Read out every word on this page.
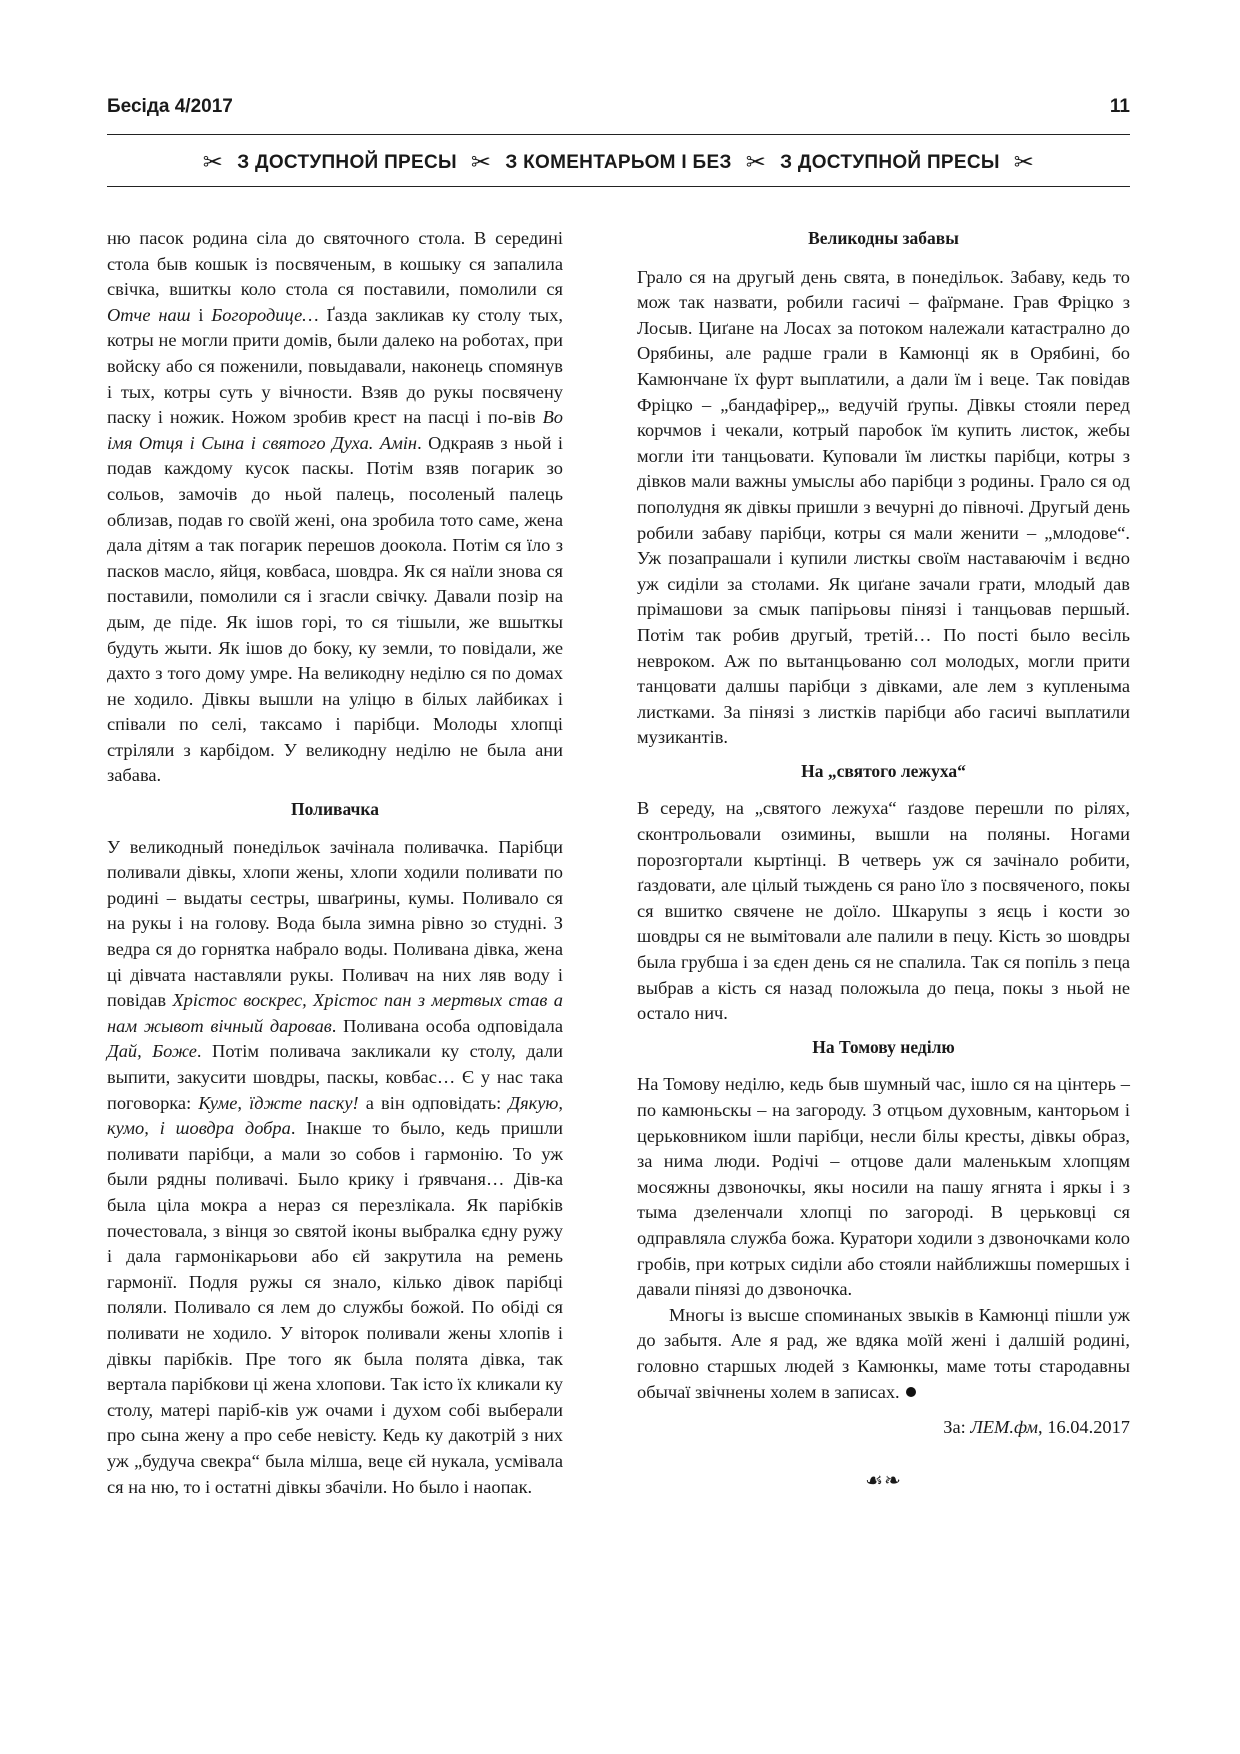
Бесіда 4/2017	11
✂ З ДОСТУПНОЙ ПРЕСЫ ✂ З КОМЕНТАРЬОМ І БЕЗ ✂ З ДОСТУПНОЙ ПРЕСЫ ✂

ню пасок родина сіла до святочного стола. В середині стола быв кошык із посвяченым, в кошыку ся запалила свічка, вшиткы коло стола ся поставили, помолили ся Отче наш і Богородице… Ґазда закликав ку столу тых, котры не могли прити домів, были далеко на роботах, при войску або ся поженили, повыдавали, наконець спомянув і тых, котры суть у вічности. Взяв до рукы посвячену паску і ножик. Ножом зробив крест на пасці і по-вів Во імя Отця і Сына і святого Духа. Амін. Одкраяв з ньой і подав каждому кусок паскы. Потім взяв погарик зо сольов, замочів до ньой палець, посоленый палець облизав, подав го своїй жені, она зробила тото саме, жена дала дітям а так погарик перешов доокола. Потім ся їло з пасков масло, яйця, ковбаса, шовдра. Як ся наїли знова ся поставили, помолили ся і згасли свічку. Давали позір на дым, де піде. Як ішов горі, то ся тішыли, же вшыткы будуть жыти. Як ішов до боку, ку земли, то повідали, же дахто з того дому умре. На великодну неділю ся по домах не ходило. Дівкы вышли на уліцю в білых лайбиках і співали по селі, таксамо і парібци. Молоды хлопці стріляли з карбідом. У великодну неділю не была ани забава.

Поливачка

У великодный понедільок зачінала поливачка. Парібци поливали дівкы, хлопи жены, хлопи ходили поливати по родині – выдаты сестры, шваґрины, кумы. Поливало ся на рукы і на голову. Вода была зимна рівно зо студні. З ведра ся до горнятка набрало воды. Поливана дівка, жена ці дівчата наставляли рукы. Поливач на них ляв воду і повідав Хрістос воскрес, Хрістос пан з мертвых став а нам жывот вічный даровав. Поливана особа одповідала Дай, Боже. Потім поливача закликали ку столу, дали выпити, закусити шовдры, паскы, ковбас… Є у нас така поговорка: Куме, їджте паску! а він одповідать: Дякую, кумо, і шовдра добра. Інакше то было, кедь пришли поливати парібци, а мали зо собов і гармонію. То уж были рядны поливачі. Было крику і ґрявчаня… Дів-ка была ціла мокра а нераз ся перезлікала. Як парібків почестовала, з вінця зо святой іконы выбралка єдну ружу і дала гармонікарьови або єй закрутила на ремень гармонії. Подля ружы ся знало, кілько дівок парібці поляли. Поливало ся лем до службы божой. По обіді ся поливати не ходило. У віторок поливали жены хлопів і дівкы парібків. Пре того як была полята дівка, так вертала парібкови ці жена хлопови. Так істо їх кликали ку столу, матері паріб-ків уж очами і духом собі выберали про сына жену а про себе невісту. Кедь ку дакотрій з них уж „будуча свекра“ была мілша, веце єй нукала, усмівала ся на ню, то і остатні дівкы збачіли. Но было і наопак.

Великодны забавы

Грало ся на другый день свята, в понедільок. Забаву, кедь то мож так назвати, робили гасичі – фаїрмане. Грав Фріцко з Лосыв. Циґане на Лосах за потоком належали катастрално до Орябины, але радше грали в Камюнці як в Орябині, бо Камюнчане їх фурт выплатили, а дали їм і веце. Так повідав Фріцко – „бандафірер„, ведучій ґрупы. Дівкы стояли перед корчмов і чекали, котрый паробок їм купить листок, жебы могли іти танцьовати. Куповали їм листкы парібци, котры з дівков мали важны умыслы або парібци з родины. Грало ся од пополудня як дівкы пришли з вечурні до півночі. Другый день робили забаву парібци, котры ся мали женити – „млодове“. Уж позапрашали і купили листкы своїм наставаючім і вєдно уж сиділи за столами. Як циґане зачали грати, млодый дав прімашови за смык папірьовы пінязі і танцьовав першый. Потім так робив другый, третій… По пості было весіль невроком. Аж по вытанцьованю сол молодых, могли прити танцовати далшы парібци з дівками, але лем з купленыма листками. За пінязі з листків парібци або гасичі выплатили музикантів.

На „святого лежуха“

В середу, на „святого лежуха“ ґаздове перешли по рілях, сконтрольовали озимины, вышли на поляны. Ногами порозгортали кыртінці. В четверь уж ся зачінало робити, ґаздовати, але цілый тыждень ся рано їло з посвяченого, покы ся вшитко свячене не доїло. Шкарупы з яєць і кости зо шовдры ся не вымітовали але палили в пецу. Кість зо шовдры была грубша і за єден день ся не спалила. Так ся попіль з пеца выбрав а кість ся назад положыла до пеца, покы з ньой не остало нич.

На Томову неділю

На Томову неділю, кедь быв шумный час, ішло ся на цінтерь – по камюньскы – на загороду. З отцьом духовным, канторьом і церьковником ішли парібци, несли білы кресты, дівкы образ, за нима люди. Родічі – отцове дали маленькым хлопцям мосяжны дзвоночкы, якы носили на пашу ягнята і яркы і з тыма дзеленчали хлопці по загороді. В церьковці ся одправляла служба божа. Куратори ходили з дзвоночками коло гробів, при котрых сиділи або стояли найближшы помершых і давали пінязі до дзвоночка.

Многы із высше споминаных звыків в Камюнці пішли уж до забытя. Але я рад, же вдяка моїй жені і далшій родині, головно старшых людей з Камюнкы, маме тоты стародавны обычаї звічнены холем в записах.

За: ЛЕМ.фм, 16.04.2017
☙❧
